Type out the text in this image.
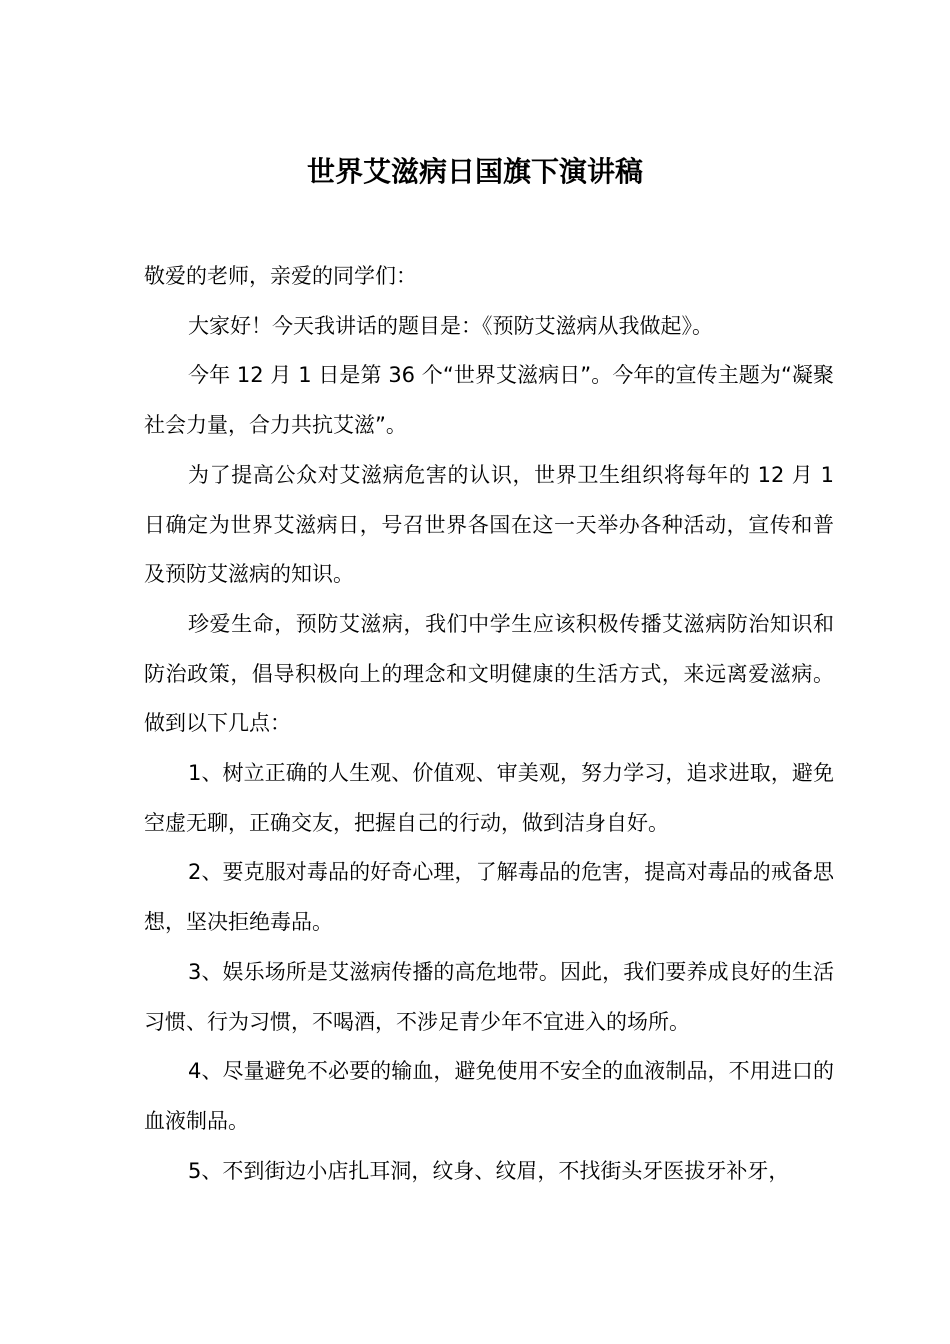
世界艾滋病日国旗下演讲稿

敬爱的老师，亲爱的同学们：

大家好！今天我讲话的题目是：《预防艾滋病从我做起》。

今年 12 月 1 日是第 36 个“世界艾滋病日”。今年的宣传主题为“凝聚社会力量，合力共抗艾滋”。

为了提高公众对艾滋病危害的认识，世界卫生组织将每年的 12 月 1 日确定为世界艾滋病日，号召世界各国在这一天举办各种活动，宣传和普及预防艾滋病的知识。

珍爱生命，预防艾滋病，我们中学生应该积极传播艾滋病防治知识和防治政策，倡导积极向上的理念和文明健康的生活方式，来远离爱滋病。做到以下几点：

1、树立正确的人生观、价值观、审美观，努力学习，追求进取，避免空虚无聊，正确交友，把握自己的行动，做到洁身自好。

2、要克服对毒品的好奇心理，了解毒品的危害，提高对毒品的戒备思想，坚决拒绝毒品。

3、娱乐场所是艾滋病传播的高危地带。因此，我们要养成良好的生活习惯、行为习惯，不喝酒，不涉足青少年不宜进入的场所。

4、尽量避免不必要的输血，避免使用不安全的血液制品，不用进口的血液制品。

5、不到街边小店扎耳洞，纹身、纹眉，不找街头牙医拔牙补牙，
